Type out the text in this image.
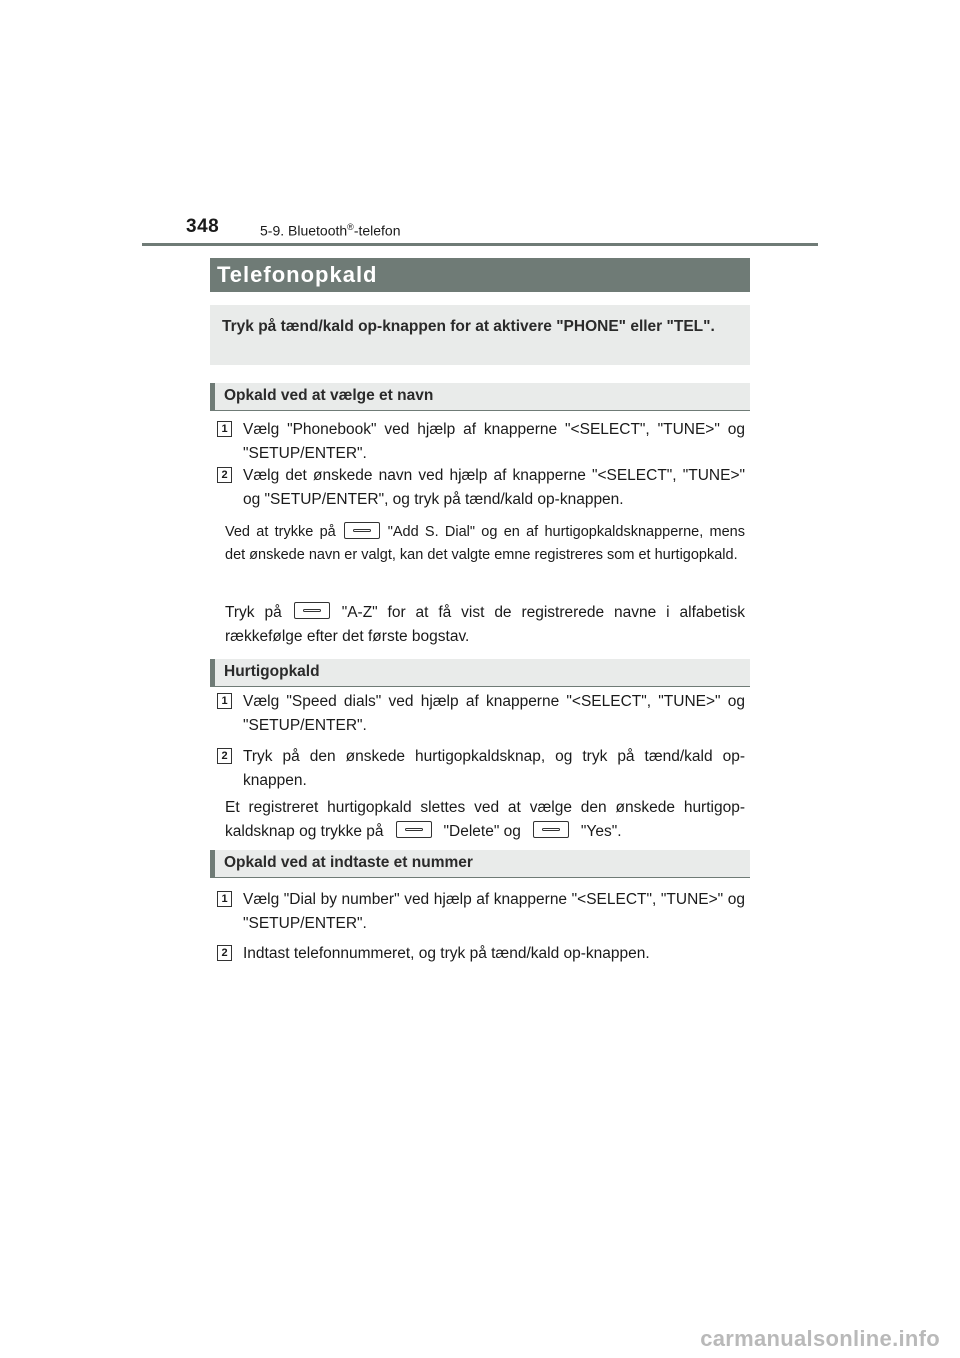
348	5-9. Bluetooth®-telefon
Telefonopkald
Tryk på tænd/kald op-knappen for at aktivere "PHONE" eller "TEL".
Opkald ved at vælge et navn
1 Vælg "Phonebook" ved hjælp af knapperne "<SELECT", "TUNE>" og "SETUP/ENTER".
2 Vælg det ønskede navn ved hjælp af knapperne "<SELECT", "TUNE>" og "SETUP/ENTER", og tryk på tænd/kald op-knappen.
Ved at trykke på	"Add S. Dial" og en af hurtigopkaldsknapperne, mens det ønskede navn er valgt, kan det valgte emne registreres som et hurtigopkald.
Tryk på	"A-Z" for at få vist de registrerede navne i alfabetisk rækkefølge efter det første bogstav.
Hurtigopkald
1 Vælg "Speed dials" ved hjælp af knapperne "<SELECT", "TUNE>" og "SETUP/ENTER".
2 Tryk på den ønskede hurtigopkaldsknap, og tryk på tænd/kald op-knappen.
Et registreret hurtigopkald slettes ved at vælge den ønskede hurtigop-kaldsknap og trykke på	"Delete" og	"Yes".
Opkald ved at indtaste et nummer
1 Vælg "Dial by number" ved hjælp af knapperne "<SELECT", "TUNE>" og "SETUP/ENTER".
2 Indtast telefonnummeret, og tryk på tænd/kald op-knappen.
carmanualsonline.info
